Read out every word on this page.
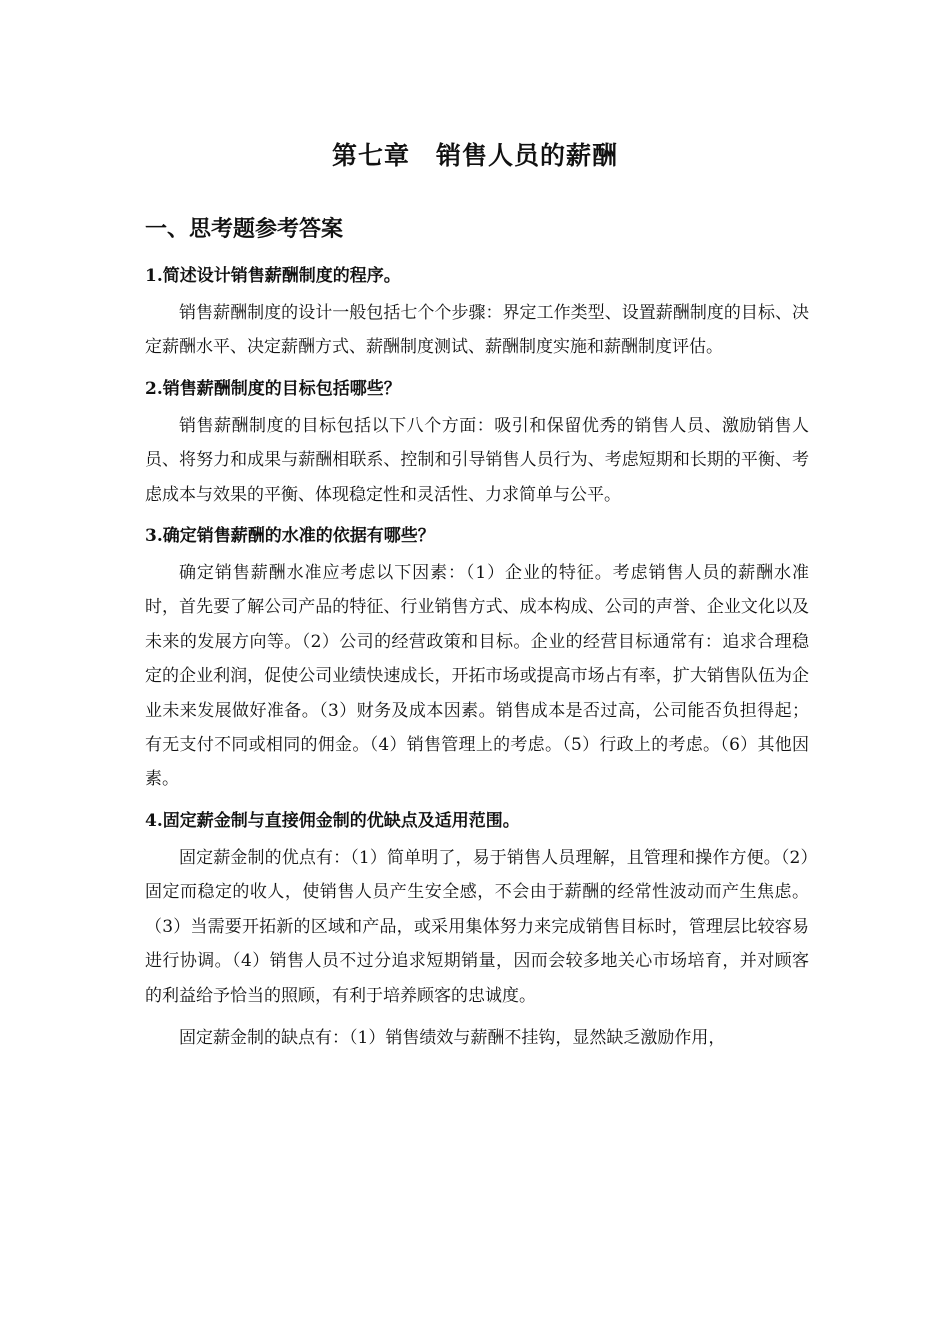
第七章　销售人员的薪酬
一、思考题参考答案
1.简述设计销售薪酬制度的程序。

销售薪酬制度的设计一般包括七个个步骤：界定工作类型、设置薪酬制度的目标、决定薪酬水平、决定薪酬方式、薪酬制度测试、薪酬制度实施和薪酬制度评估。

2.销售薪酬制度的目标包括哪些？

销售薪酬制度的目标包括以下八个方面：吸引和保留优秀的销售人员、激励销售人员、将努力和成果与薪酬相联系、控制和引导销售人员行为、考虑短期和长期的平衡、考虑成本与效果的平衡、体现稳定性和灵活性、力求简单与公平。

3.确定销售薪酬的水准的依据有哪些？

确定销售薪酬水准应考虑以下因素：（1）企业的特征。考虑销售人员的薪酬水准时，首先要了解公司产品的特征、行业销售方式、成本构成、公司的声誉、企业文化以及未来的发展方向等。（2）公司的经营政策和目标。企业的经营目标通常有：追求合理稳定的企业利润，促使公司业绩快速成长，开拓市场或提高市场占有率，扩大销售队伍为企业未来发展做好准备。（3）财务及成本因素。销售成本是否过高，公司能否负担得起；有无支付不同或相同的佣金。（4）销售管理上的考虑。（5）行政上的考虑。（6）其他因素。

4.固定薪金制与直接佣金制的优缺点及适用范围。

固定薪金制的优点有：（1）简单明了，易于销售人员理解，且管理和操作方便。（2）固定而稳定的收人，使销售人员产生安全感，不会由于薪酬的经常性波动而产生焦虑。（3）当需要开拓新的区域和产品，或采用集体努力来完成销售目标时，管理层比较容易进行协调。（4）销售人员不过分追求短期销量，因而会较多地关心市场培育，并对顾客的利益给予恰当的照顾，有利于培养顾客的忠诚度。

固定薪金制的缺点有：（1）销售绩效与薪酬不挂钩，显然缺乏激励作用，
